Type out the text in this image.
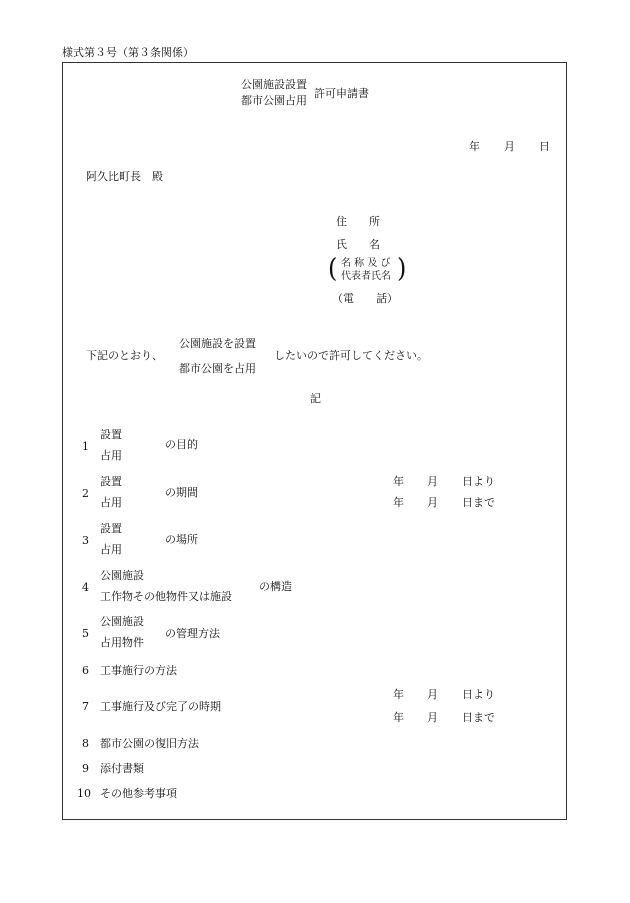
様式第３号（第３条関係）
公園施設設置
都市公園占用
許可申請書
年 月 日
阿久比町長　殿
住　　所
氏　　名
( 名 称 及 び
代表者氏名 )
（電　　話）
下記のとおり、
公園施設を設置
都市公園を占用
したいので許可してください。
記
1
設置
占用
の目的
2
設置
占用
の期間
年 月 日より
年 月 日まで
3
設置
占用
の場所
4
公園施設
工作物その他物件又は施設
の構造
5
公園施設
占用物件
の管理方法
6 工事施行の方法
7 工事施行及び完了の時期
年 月 日より
年 月 日まで
8 都市公園の復旧方法
9 添付書類
10 その他参考事項
